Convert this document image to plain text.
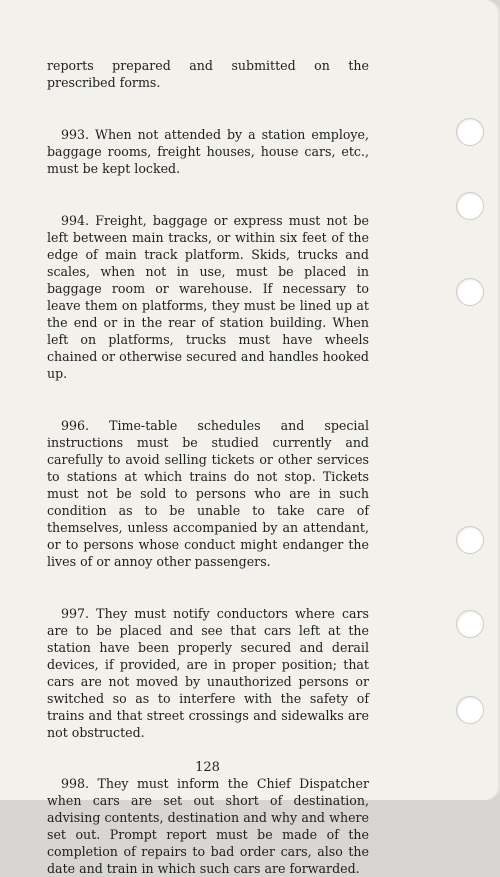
reports prepared and submitted on the prescribed forms.

993. When not attended by a station employe, baggage rooms, freight houses, house cars, etc., must be kept locked.

994. Freight, baggage or express must not be left between main tracks, or within six feet of the edge of main track platform. Skids, trucks and scales, when not in use, must be placed in baggage room or warehouse. If necessary to leave them on platforms, they must be lined up at the end or in the rear of station building. When left on platforms, trucks must have wheels chained or otherwise secured and handles hooked up.

996. Time-table schedules and special instructions must be studied currently and carefully to avoid selling tickets or other services to stations at which trains do not stop. Tickets must not be sold to persons who are in such condition as to be unable to take care of themselves, unless accompanied by an attendant, or to persons whose conduct might endanger the lives of or annoy other passengers.

997. They must notify conductors where cars are to be placed and see that cars left at the station have been properly secured and derail devices, if provided, are in proper position; that cars are not moved by unauthorized persons or switched so as to interfere with the safety of trains and that street crossings and sidewalks are not obstructed.

998. They must inform the Chief Dispatcher when cars are set out short of destination, advising contents, destination and why and where set out. Prompt report must be made of the completion of repairs to bad order cars, also the date and train in which such cars are forwarded.

128
